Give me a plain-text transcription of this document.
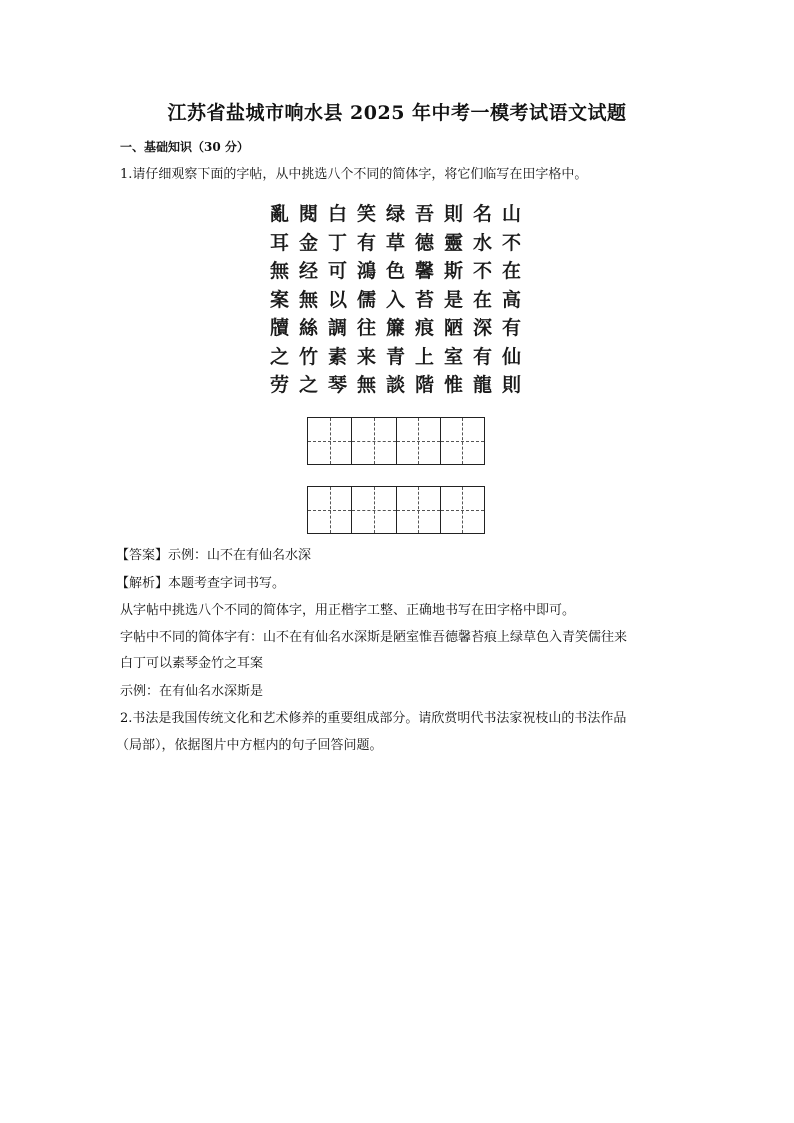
江苏省盐城市响水县 2025 年中考一模考试语文试题
一、基础知识（30 分）
1.请仔细观察下面的字帖，从中挑选八个不同的简体字，将它们临写在田字格中。
亂閱白笑绿吾則名山
耳金丁有草德靈水不
無经可鴻色馨斯不在
案無以儒入苔是在高
牘絲調往簾痕陋深有
之竹素来青上室有仙
劳之琴無談階惟龍則
【答案】示例：山不在有仙名水深
【解析】本题考查字词书写。
从字帖中挑选八个不同的简体字，用正楷字工整、正确地书写在田字格中即可。
字帖中不同的简体字有：山不在有仙名水深斯是陋室惟吾德馨苔痕上绿草色入青笑儒往来
白丁可以素琴金竹之耳案
示例：在有仙名水深斯是
2.书法是我国传统文化和艺术修养的重要组成部分。请欣赏明代书法家祝枝山的书法作品
（局部），依据图片中方框内的句子回答问题。
